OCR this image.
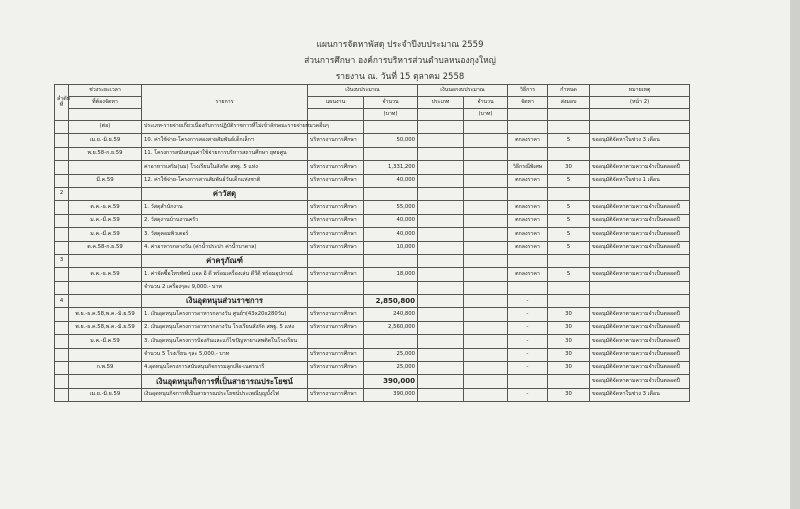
แผนการจัดหาพัสดุ ประจำปีงบประมาณ 2559
ส่วนการศึกษา องค์การบริหารส่วนตำบลหนองกุงใหญ่
รายงาน ณ. วันที่ 15 ตุลาคม 2558
ลำดับที่	ช่วงระยะเวลา	รายการ	เงินงบประมาณ		เงินนอกงบประมาณ		วิธีการ	กำหนด	หมายเหตุ
	ที่ต้องจัดหา		แผนงาน	จำนวน	ประเภท	จำนวน	จัดหา	ส่งมอบ	(หน้า 2)
				(บาท)		(บาท)			
	(ต่อ)	ประเภท-รายจ่ายเกี่ยวเนื่องกับการปฏิบัติราชการที่ไม่เข้าลักษณะรายจ่ายหมวดอื่นๆ							
	เม.ย.-มิ.ย.59	10. ค่าใช้จ่าย-โครงการสองสายสัมพันธ์เด็กเล็กฯ	บริหารงานการศึกษา	50,000			ตกลงราคา	5	ขออนุมัติจัดหาในช่วง 3 เดือน
	พ.ย.58-ก.ย.59	11. โครงการสนับสนุนค่าใช้จ่ายการบริหารสถานศึกษา ยุทธศูน							
		ค่าอาหารเสริม(นม) โรงเรียนในสังกัด สพฐ. 5 แห่ง	บริหารงานการศึกษา	1,331,200			วิธีกรณีพิเศษ	30	ขออนุมัติจัดหาตามความจำเป็นตลอดปี
	มี.ค.59	12. ค่าใช้จ่าย-โครงการสานสัมพันธ์วันเด็กแห่งชาติ	บริหารงานการศึกษา	40,000			ตกลงราคา	5	ขออนุมัติจัดหาในช่วง 1 เดือน
2		ค่าวัสดุ							
	ต.ค.-ธ.ค.59	1. วัสดุสำนักงาน	บริหารงานการศึกษา	55,000			ตกลงราคา	5	ขออนุมัติจัดหาตามความจำเป็นตลอดปี
	ม.ค.-มี.ค.59	2. วัสดุงานบ้านงานครัว	บริหารงานการศึกษา	40,000			ตกลงราคา	5	ขออนุมัติจัดหาตามความจำเป็นตลอดปี
	ม.ค.-มี.ค.59	3. วัสดุคอมพิวเตอร์	บริหารงานการศึกษา	40,000			ตกลงราคา	5	ขออนุมัติจัดหาตามความจำเป็นตลอดปี
	ต.ค.58-ก.ย.59	4. ค่าอาหารกลางวัน (ค่าน้ำประปา ค่าน้ำบาดาล)	บริหารงานการศึกษา	10,000			ตกลงราคา	5	ขออนุมัติจัดหาตามความจำเป็นตลอดปี
3		ค่าครุภัณฑ์							
	ต.ค.-ธ.ค.59	1. ค่าจัดซื้อโทรทัศน์ แอล อี ดี พร้อมเครื่องเล่น ดีวีดี พร้อมอุปกรณ์	บริหารงานการศึกษา	18,000			ตกลงราคา	5	ขออนุมัติจัดหาตามความจำเป็นตลอดปี
		จำนวน 2 เครื่องๆละ 9,000.- บาท							
4		เงินอุดหนุนส่วนราชการ		2,850,800			-		
	พ.ย.-ธ.ค.58,พ.ค.-มิ.ย.59	1. เงินอุดหนุนโครงการอาหารกลางวัน ศูนย์ฯ(43x20x280วัน)	บริหารงานการศึกษา	240,800			-	30	ขออนุมัติจัดหาตามความจำเป็นตลอดปี
	พ.ย.-ธ.ค.58,พ.ค.-มิ.ย.59	2. เงินอุดหนุนโครงการอาหารกลางวัน โรงเรียนสังกัด สพฐ. 5 แห่ง	บริหารงานการศึกษา	2,560,000			-	30	ขออนุมัติจัดหาตามความจำเป็นตลอดปี
	ม.ค.-มี.ค.59	3. เงินอุดหนุนโครงการป้องกันและแก้ไขปัญหายาเสพติดในโรงเรียน					-	30	ขออนุมัติจัดหาตามความจำเป็นตลอดปี
		จำนวน 5 โรงเรียน ๆละ 5,000.- บาท	บริหารงานการศึกษา	25,000			-	30	ขออนุมัติจัดหาตามความจำเป็นตลอดปี
	ก.พ.59	4.อุดหนุนโครงการสนับสนุนกิจกรรมลูกเสือ-เนตรนารี	บริหารงานการศึกษา	25,000			-	30	ขออนุมัติจัดหาตามความจำเป็นตลอดปี
		เงินอุดหนุนกิจการที่เป็นสาธารณประโยชน์		390,000					ขออนุมัติจัดหาตามความจำเป็นตลอดปี
	เม.ย.-มิ.ย.59	เงินอุดหนุนกิจการที่เป็นสาธารณประโยชน์ประเพณีบุญบั้งไฟ	บริหารงานการศึกษา	390,000			-	30	ขออนุมัติจัดหาในช่วง 3 เดือน
